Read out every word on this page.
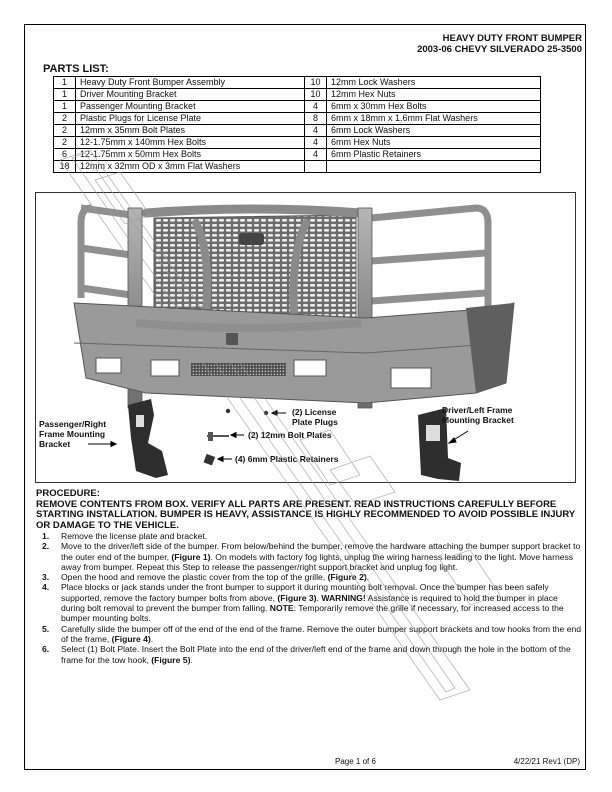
HEAVY DUTY FRONT BUMPER
2003-06 CHEVY SILVERADO 25-3500
PARTS LIST:
1	Heavy Duty Front Bumper Assembly	10	12mm Lock Washers
1	Driver Mounting Bracket	10	12mm Hex Nuts
1	Passenger Mounting Bracket	4	6mm x 30mm Hex Bolts
2	Plastic Plugs for License Plate	8	6mm x 18mm x 1.6mm Flat Washers
2	12mm x 35mm Bolt Plates	4	6mm Lock Washers
2	12-1.75mm x 140mm Hex Bolts	4	6mm Hex Nuts
6	12-1.75mm x 50mm Hex Bolts	4	6mm Plastic Retainers
18	12mm x 32mm OD x 3mm Flat Washers		
Passenger/Right
Frame Mounting
Bracket
(2) License
Plate Plugs
(2) 12mm Bolt Plates
(4) 6mm Plastic Retainers
Driver/Left Frame
Mounting Bracket
PROCEDURE:
REMOVE CONTENTS FROM BOX. VERIFY ALL PARTS ARE PRESENT. READ INSTRUCTIONS CAREFULLY BEFORE STARTING INSTALLATION. BUMPER IS HEAVY, ASSISTANCE IS HIGHLY RECOMMENDED TO AVOID POSSIBLE INJURY OR DAMAGE TO THE VEHICLE.
1. Remove the license plate and bracket.
2. Move to the driver/left side of the bumper. From below/behind the bumper, remove the hardware attaching the bumper support bracket to the outer end of the bumper, (Figure 1). On models with factory fog lights, unplug the wiring harness leading to the light. Move harness away from bumper. Repeat this Step to release the passenger/right support bracket and unplug fog light.
3. Open the hood and remove the plastic cover from the top of the grille, (Figure 2).
4. Place blocks or jack stands under the front bumper to support it during mounting bolt removal. Once the bumper has been safely supported, remove the factory bumper bolts from above, (Figure 3). WARNING! Assistance is required to hold the bumper in place during bolt removal to prevent the bumper from falling. NOTE: Temporarily remove the grille if necessary, for increased access to the bumper mounting bolts.
5. Carefully slide the bumper off of the end of the end of the frame. Remove the outer bumper support brackets and tow hooks from the end of the frame, (Figure 4).
6. Select (1) Bolt Plate. Insert the Bolt Plate into the end of the driver/left end of the frame and down through the hole in the bottom of the frame for the tow hook, (Figure 5).
Page 1 of 6	4/22/21 Rev1 (DP)
